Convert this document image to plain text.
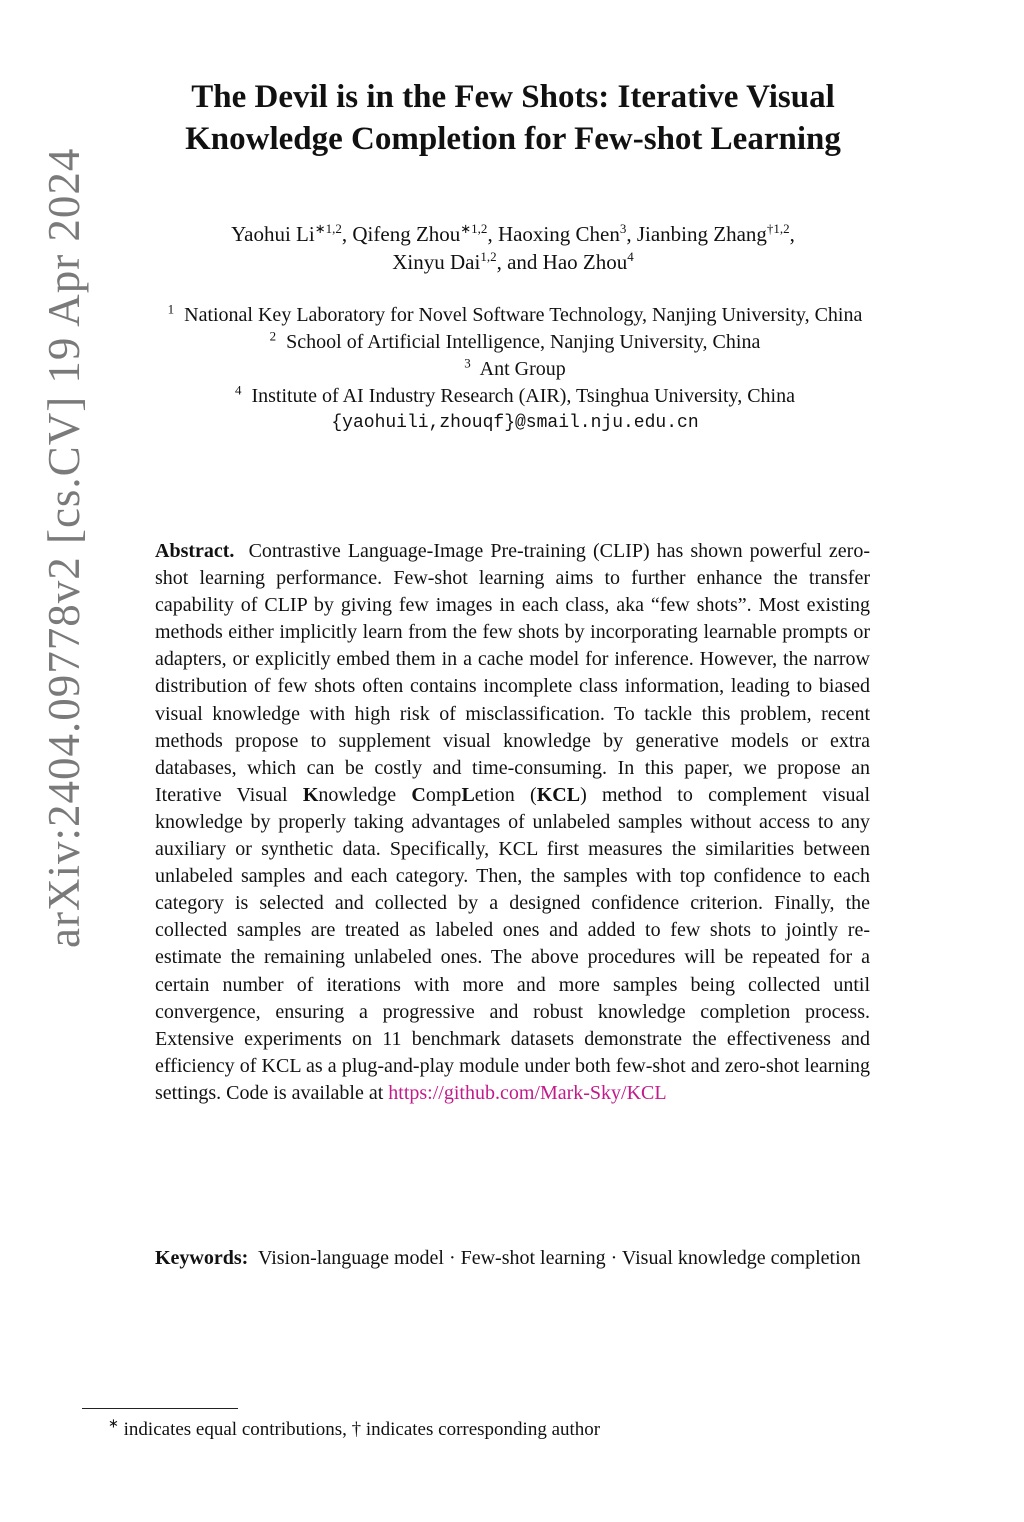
arXiv:2404.09778v2 [cs.CV] 19 Apr 2024
The Devil is in the Few Shots: Iterative Visual
Knowledge Completion for Few-shot Learning
Yaohui $Li^{∗1,2}$, Qifeng Zhou$^{∗1,2}$, Haoxing Chen$^3$, Jianbing Zhang$^{\dagger 1,2}$,
Xinyu Dai$^{1,2}$, and Hao Zhou$^4$
$^1$ National Key Laboratory for Novel Software Technology, Nanjing University, China
$^2$ School of Artificial Intelligence, Nanjing University, China
$^3$ Ant Group
$^4$ Institute of AI Industry Research (AIR), Tsinghua University, China
{yaohuili,zhouqf}@smail.nju.edu.cn
Abstract. Contrastive Language-Image Pre-training (CLIP) has shown powerful zero-shot learning performance. Few-shot learning aims to further enhance the transfer capability of CLIP by giving few images in each class, aka “few shots”. Most existing methods either implicitly learn from the few shots by incorporating learnable prompts or adapters, or explicitly embed them in a cache model for inference. However, the narrow distribution of few shots often contains incomplete class information, leading to biased visual knowledge with high risk of misclassification. To tackle this problem, recent methods propose to supplement visual knowledge by generative models or extra databases, which can be costly and time-consuming. In this paper, we propose an Iterative Visual Knowledge CompLetion (KCL) method to complement visual knowledge by properly taking advantages of unlabeled samples without access to any auxiliary or synthetic data. Specifically, KCL first measures the similarities between unlabeled samples and each category. Then, the samples with top confidence to each category is selected and collected by a designed confidence criterion. Finally, the collected samples are treated as labeled ones and added to few shots to jointly re-estimate the remaining unlabeled ones. The above procedures will be repeated for a certain number of iterations with more and more samples being collected until convergence, ensuring a progressive and robust knowledge completion process. Extensive experiments on 11 benchmark datasets demonstrate the effectiveness and efficiency of KCL as a plug-and-play module under both few-shot and zero-shot learning settings. Code is available at https://github.com/Mark-Sky/KCL
Keywords: Vision-language model · Few-shot learning · Visual knowledge completion
∗ indicates equal contributions, † indicates corresponding author
